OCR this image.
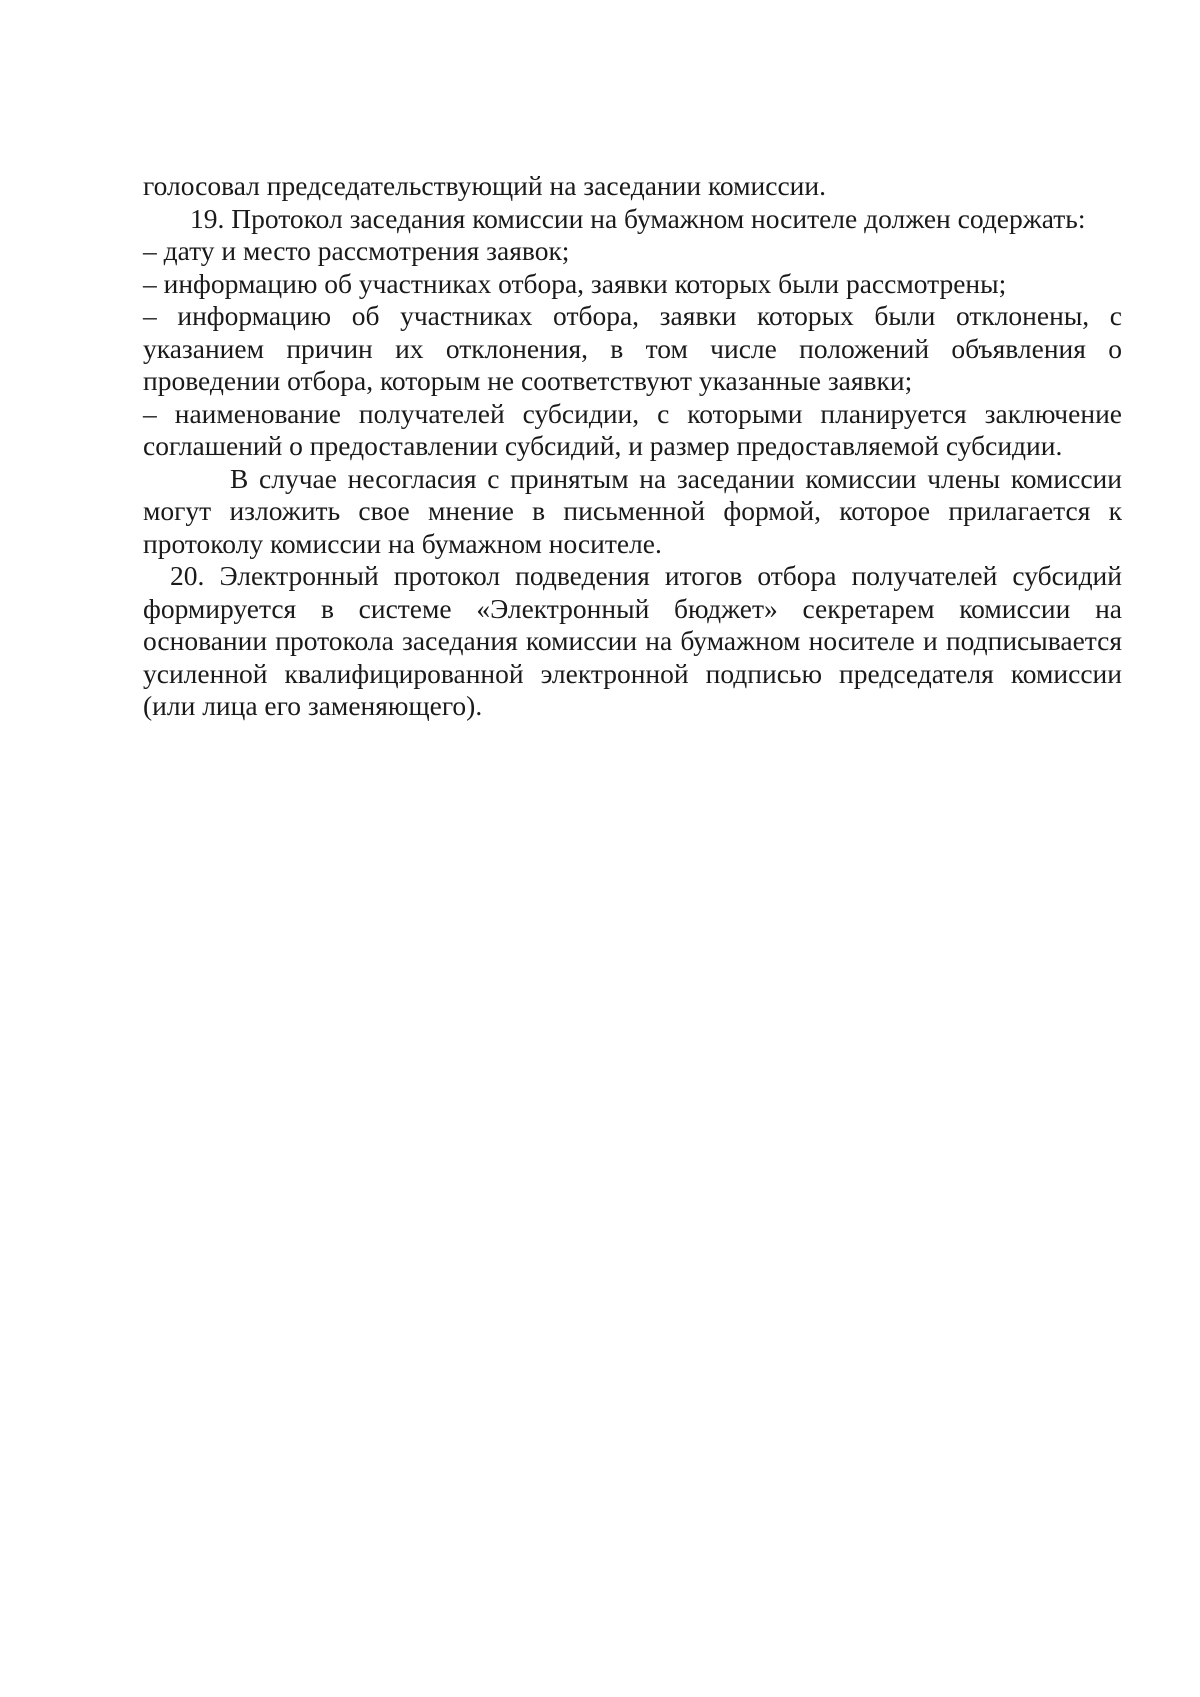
голосовал председательствующий на заседании комиссии.

19. Протокол заседания комиссии на бумажном носителе должен содержать:

– дату и место рассмотрения заявок;

– информацию об участниках отбора, заявки которых были рассмотрены;

– информацию об участниках отбора, заявки которых были отклонены, с указанием причин их отклонения, в том числе положений объявления о проведении отбора, которым не соответствуют указанные заявки;

– наименование получателей субсидии, с которыми планируется заключение соглашений о предоставлении субсидий, и размер предоставляемой субсидии.

В случае несогласия с принятым на заседании комиссии члены комиссии могут изложить свое мнение в письменной формой, которое прилагается к протоколу комиссии на бумажном носителе.

20. Электронный протокол подведения итогов отбора получателей субсидий формируется в системе «Электронный бюджет» секретарем комиссии на основании протокола заседания комиссии на бумажном носителе и подписывается усиленной квалифицированной электронной подписью председателя комиссии (или лица его заменяющего).
